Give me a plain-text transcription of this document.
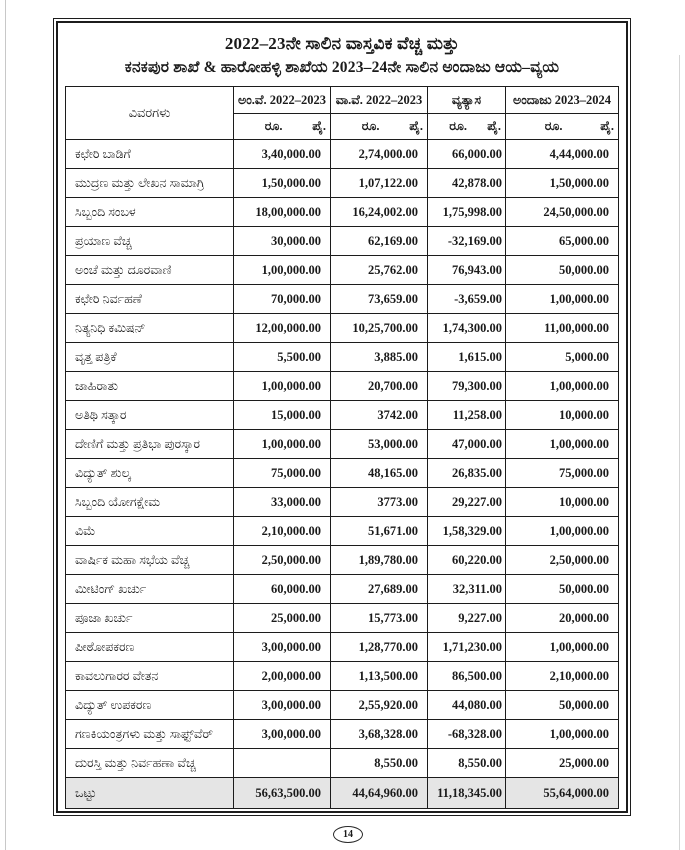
2022–23ನೇ ಸಾಲಿನ ವಾಸ್ತವಿಕ ವೆಚ್ಚ ಮತ್ತು
ಕನಕಪುರ ಶಾಖೆ & ಹಾರೋಹಳ್ಳಿ ಶಾಖೆಯ 2023–24ನೇ ಸಾಲಿನ ಅಂದಾಜು ಆಯ–ವ್ಯಯ
ವಿವರಗಳು	ಅಂ.ವೆ. 2022–2023	ವಾ.ವೆ. 2022–2023	ವ್ಯತ್ಯಾಸ	ಅಂದಾಜು 2023–2024

	ರೂ. ಪೈ.	ರೂ. ಪೈ.	ರೂ. ಪೈ.	ರೂ. ಪೈ.

ಕಛೇರಿ ಬಾಡಿಗೆ	3,40,000.00	2,74,000.00	66,000.00	4,44,000.00
ಮುದ್ರಣ ಮತ್ತು ಲೇಖನ ಸಾಮಾಗ್ರಿ	1,50,000.00	1,07,122.00	42,878.00	1,50,000.00
ಸಿಬ್ಬಂದಿ ಸಂಬಳ	18,00,000.00	16,24,002.00	1,75,998.00	24,50,000.00
ಪ್ರಯಾಣ ವೆಚ್ಚ	30,000.00	62,169.00	-32,169.00	65,000.00
ಅಂಚೆ ಮತ್ತು ದೂರವಾಣಿ	1,00,000.00	25,762.00	76,943.00	50,000.00
ಕಛೇರಿ ನಿರ್ವಹಣೆ	70,000.00	73,659.00	-3,659.00	1,00,000.00
ನಿತ್ಯನಿಧಿ ಕಮಿಷನ್	12,00,000.00	10,25,700.00	1,74,300.00	11,00,000.00
ವೃತ್ತ ಪತ್ರಿಕೆ	5,500.00	3,885.00	1,615.00	5,000.00
ಜಾಹಿರಾತು	1,00,000.00	20,700.00	79,300.00	1,00,000.00
ಅತಿಥಿ ಸತ್ಕಾರ	15,000.00	3742.00	11,258.00	10,000.00
ದೇಣಿಗೆ ಮತ್ತು ಪ್ರತಿಭಾ ಪುರಸ್ಕಾರ	1,00,000.00	53,000.00	47,000.00	1,00,000.00
ವಿದ್ಯುತ್ ಶುಲ್ಕ	75,000.00	48,165.00	26,835.00	75,000.00
ಸಿಬ್ಬಂದಿ ಯೋಗಕ್ಷೇಮ	33,000.00	3773.00	29,227.00	10,000.00
ವಿಮೆ	2,10,000.00	51,671.00	1,58,329.00	1,00,000.00
ವಾರ್ಷಿಕ ಮಹಾ ಸಭೆಯ ವೆಚ್ಚ	2,50,000.00	1,89,780.00	60,220.00	2,50,000.00
ಮೀಟಿಂಗ್ ಖರ್ಚು	60,000.00	27,689.00	32,311.00	50,000.00
ಪೂಜಾ ಖರ್ಚು	25,000.00	15,773.00	9,227.00	20,000.00
ಪೀಠೋಪಕರಣ	3,00,000.00	1,28,770.00	1,71,230.00	1,00,000.00
ಕಾವಲುಗಾರರ ವೇತನ	2,00,000.00	1,13,500.00	86,500.00	2,10,000.00
ವಿದ್ಯುತ್ ಉಪಕರಣ	3,00,000.00	2,55,920.00	44,080.00	50,000.00
ಗಣಕಿಯಂತ್ರಗಳು ಮತ್ತು ಸಾಫ್ಟ್‌ವೆರ್	3,00,000.00	3,68,328.00	-68,328.00	1,00,000.00
ದುರಸ್ತಿ ಮತ್ತು ನಿರ್ವಹಣಾ ವೆಚ್ಚ		8,550.00	8,550.00	25,000.00
ಒಟ್ಟು	56,63,500.00	44,64,960.00	11,18,345.00	55,64,000.00
14
